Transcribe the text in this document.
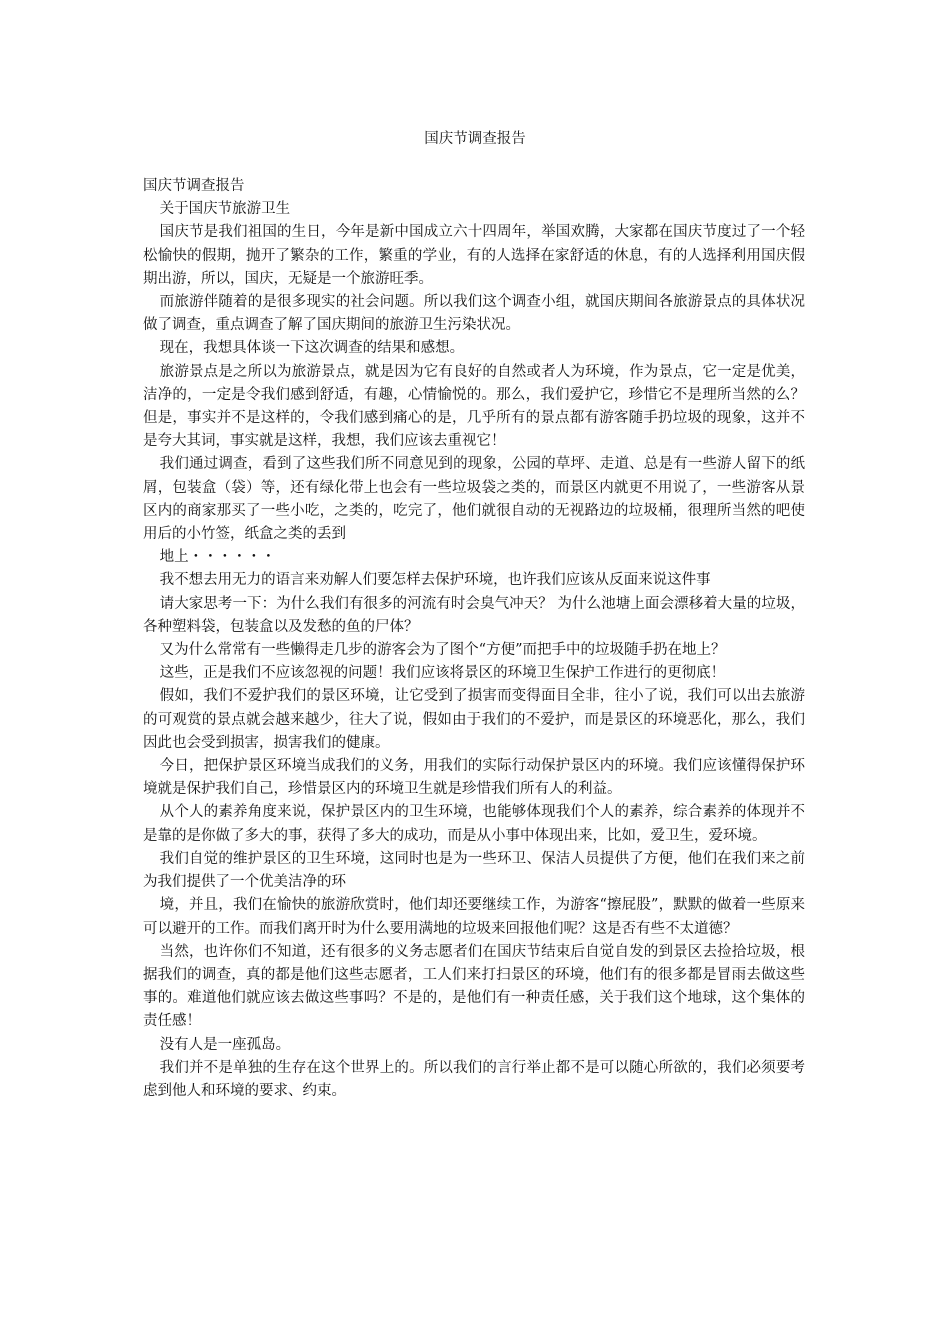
国庆节调查报告

国庆节调查报告

关于国庆节旅游卫生

国庆节是我们祖国的生日，今年是新中国成立六十四周年，举国欢腾，大家都在国庆节度过了一个轻松愉快的假期，抛开了繁杂的工作，繁重的学业，有的人选择在家舒适的休息，有的人选择利用国庆假期出游，所以，国庆，无疑是一个旅游旺季。

而旅游伴随着的是很多现实的社会问题。所以我们这个调查小组，就国庆期间各旅游景点的具体状况做了调查，重点调查了解了国庆期间的旅游卫生污染状况。

现在，我想具体谈一下这次调查的结果和感想。

旅游景点是之所以为旅游景点，就是因为它有良好的自然或者人为环境，作为景点，它一定是优美，洁净的，一定是令我们感到舒适，有趣，心情愉悦的。那么，我们爱护它，珍惜它不是理所当然的么？但是，事实并不是这样的，令我们感到痛心的是，几乎所有的景点都有游客随手扔垃圾的现象，这并不是夸大其词，事实就是这样，我想，我们应该去重视它！

我们通过调查，看到了这些我们所不同意见到的现象，公园的草坪、走道、总是有一些游人留下的纸屑，包装盒（袋）等，还有绿化带上也会有一些垃圾袋之类的，而景区内就更不用说了，一些游客从景区内的商家那买了一些小吃，之类的，吃完了，他们就很自动的无视路边的垃圾桶，很理所当然的吧使用后的小竹签，纸盒之类的丢到

地上・・・・・・

我不想去用无力的语言来劝解人们要怎样去保护环境，也许我们应该从反面来说这件事

请大家思考一下：为什么我们有很多的河流有时会臭气冲天？ 为什么池塘上面会漂移着大量的垃圾，各种塑料袋，包装盒以及发愁的鱼的尸体？

又为什么常常有一些懒得走几步的游客会为了图个“方便”而把手中的垃圾随手扔在地上？

这些，正是我们不应该忽视的问题！我们应该将景区的环境卫生保护工作进行的更彻底！

假如，我们不爱护我们的景区环境，让它受到了损害而变得面目全非，往小了说，我们可以出去旅游的可观赏的景点就会越来越少，往大了说，假如由于我们的不爱护，而是景区的环境恶化，那么，我们因此也会受到损害，损害我们的健康。

今日，把保护景区环境当成我们的义务，用我们的实际行动保护景区内的环境。我们应该懂得保护环境就是保护我们自己，珍惜景区内的环境卫生就是珍惜我们所有人的利益。

从个人的素养角度来说，保护景区内的卫生环境，也能够体现我们个人的素养，综合素养的体现并不是靠的是你做了多大的事，获得了多大的成功，而是从小事中体现出来，比如，爱卫生，爱环境。

我们自觉的维护景区的卫生环境，这同时也是为一些环卫、保洁人员提供了方便，他们在我们来之前为我们提供了一个优美洁净的环

境，并且，我们在愉快的旅游欣赏时，他们却还要继续工作，为游客“擦屁股”，默默的做着一些原来可以避开的工作。而我们离开时为什么要用满地的垃圾来回报他们呢？这是否有些不太道德？

当然，也许你们不知道，还有很多的义务志愿者们在国庆节结束后自觉自发的到景区去捡拾垃圾，根据我们的调查，真的都是他们这些志愿者，工人们来打扫景区的环境，他们有的很多都是冒雨去做这些事的。难道他们就应该去做这些事吗？不是的，是他们有一种责任感，关于我们这个地球，这个集体的责任感！

没有人是一座孤岛。

我们并不是单独的生存在这个世界上的。所以我们的言行举止都不是可以随心所欲的，我们必须要考虑到他人和环境的要求、约束。
